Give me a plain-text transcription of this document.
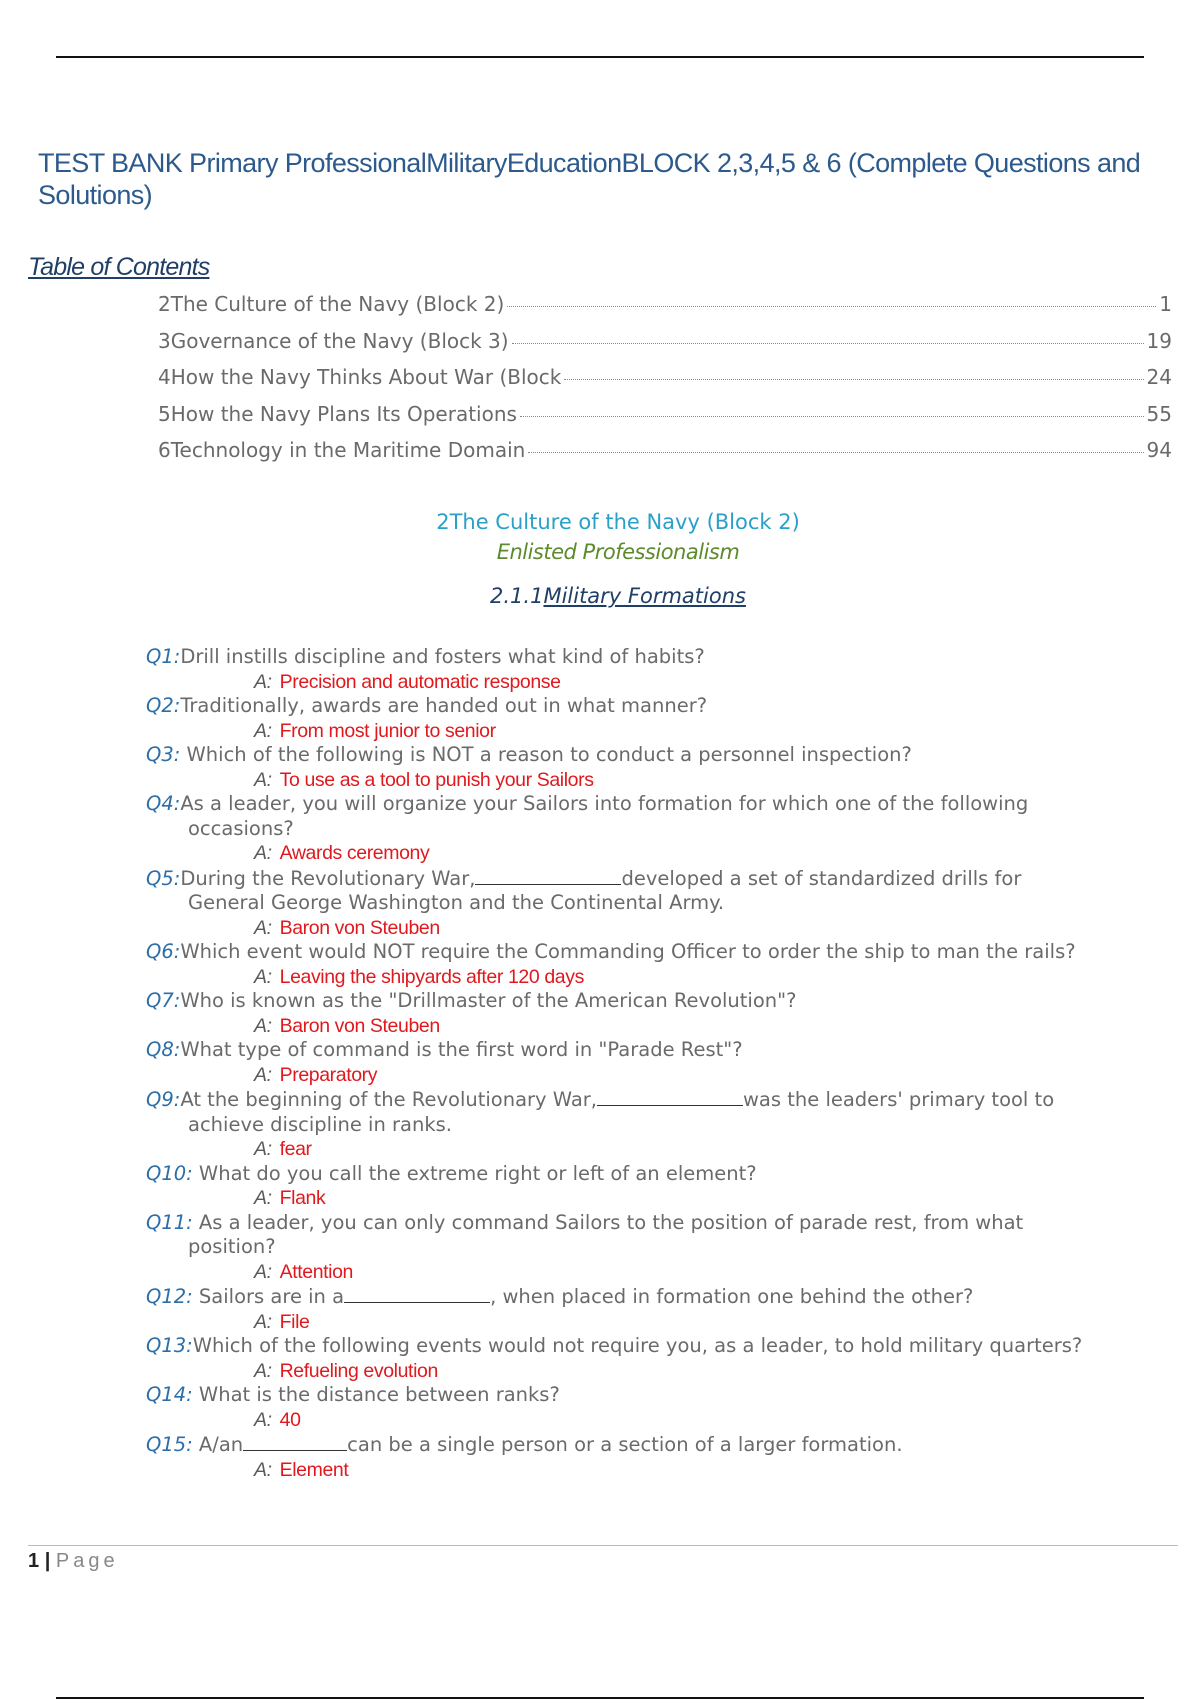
TEST BANK Primary ProfessionalMilitaryEducationBLOCK 2,3,4,5 & 6 (Complete Questions and Solutions)
Table of Contents
2The Culture of the Navy (Block 2)	1
3Governance of the Navy (Block 3)	19
4How the Navy Thinks About War (Block	24
5How the Navy Plans Its Operations	55
6Technology in the Maritime Domain	94
2The Culture of the Navy (Block 2)
Enlisted Professionalism
2.1.1Military Formations
Q1:Drill instills discipline and fosters what kind of habits?
A: Precision and automatic response
Q2:Traditionally, awards are handed out in what manner?
A: From most junior to senior
Q3: Which of the following is NOT a reason to conduct a personnel inspection?
A: To use as a tool to punish your Sailors
Q4:As a leader, you will organize your Sailors into formation for which one of the following occasions?
A: Awards ceremony
Q5:During the Revolutionary War,	developed a set of standardized drills for General George Washington and the Continental Army.
A: Baron von Steuben
Q6:Which event would NOT require the Commanding Officer to order the ship to man the rails?
A: Leaving the shipyards after 120 days
Q7:Who is known as the "Drillmaster of the American Revolution"?
A: Baron von Steuben
Q8:What type of command is the first word in "Parade Rest"?
A: Preparatory
Q9:At the beginning of the Revolutionary War,	was the leaders' primary tool to achieve discipline in ranks.
A: fear
Q10: What do you call the extreme right or left of an element?
A: Flank
Q11: As a leader, you can only command Sailors to the position of parade rest, from what position?
A: Attention
Q12: Sailors are in a	, when placed in formation one behind the other?
A: File
Q13:Which of the following events would not require you, as a leader, to hold military quarters?
A: Refueling evolution
Q14: What is the distance between ranks?
A: 40
Q15: A/an	can be a single person or a section of a larger formation.
A: Element
1 | Page
